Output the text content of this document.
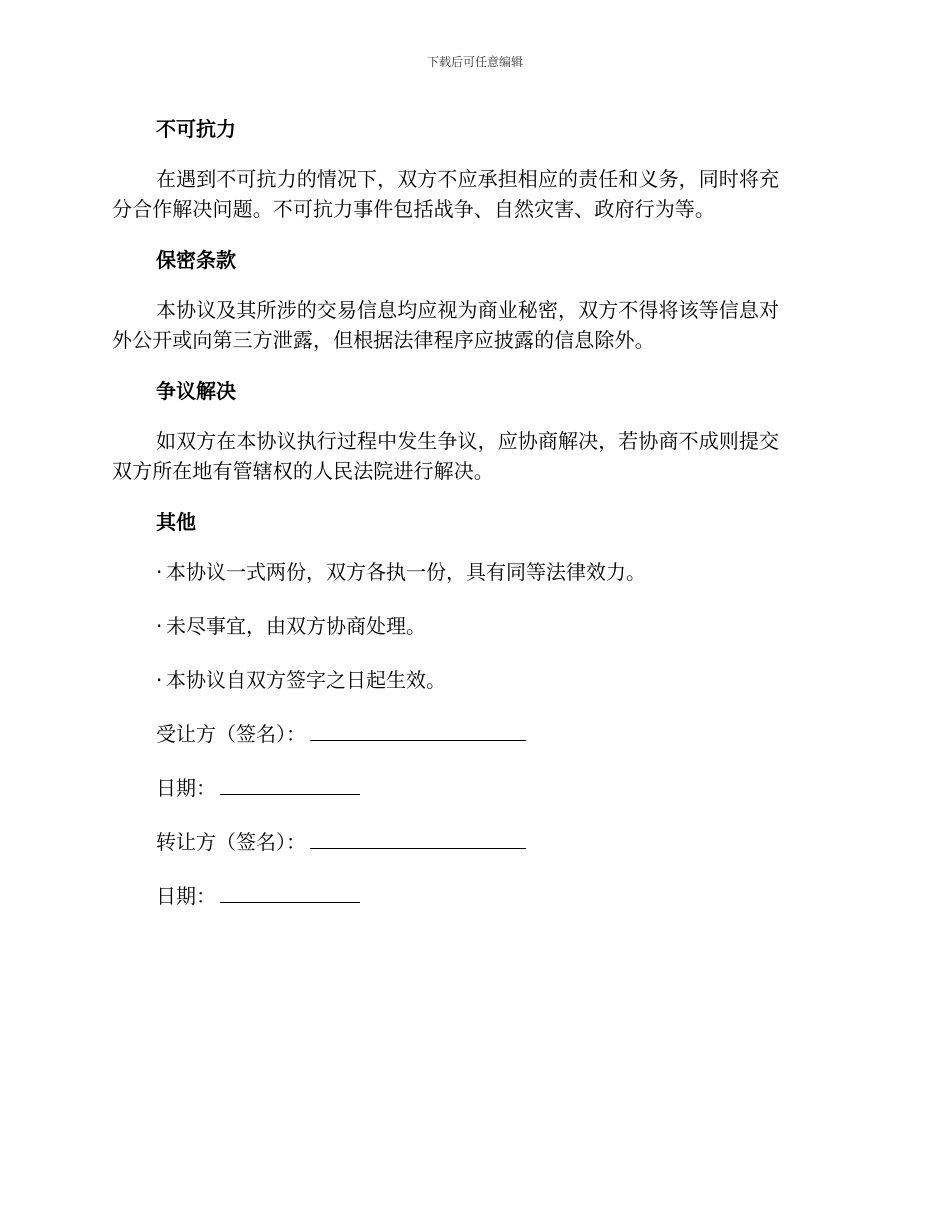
下载后可任意编辑
不可抗力
在遇到不可抗力的情况下，双方不应承担相应的责任和义务，同时将充
分合作解决问题。不可抗力事件包括战争、自然灾害、政府行为等。
保密条款
本协议及其所涉的交易信息均应视为商业秘密，双方不得将该等信息对
外公开或向第三方泄露，但根据法律程序应披露的信息除外。
争议解决
如双方在本协议执行过程中发生争议，应协商解决，若协商不成则提交
双方所在地有管辖权的人民法院进行解决。
其他
· 本协议一式两份，双方各执一份，具有同等法律效力。
· 未尽事宜，由双方协商处理。
· 本协议自双方签字之日起生效。
受让方（签名）：
日期：
转让方（签名）：
日期：
